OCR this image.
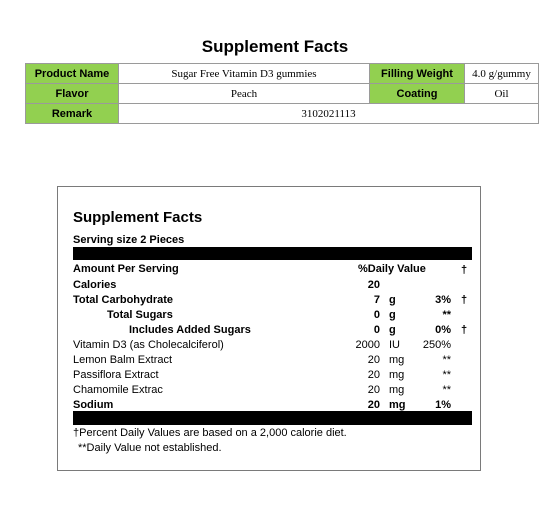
Supplement Facts
Product Name	Sugar Free Vitamin D3 gummies	Filling Weight	4.0 g/gummy
Flavor	Peach	Coating	Oil
Remark	3102021113		
Supplement Facts
Serving size 2 Pieces
Amount Per Serving	%Daily Value	†
Calories	20
Total Carbohydrate	7 g	3% †
Total Sugars	0 g	**
Includes Added Sugars	0 g	0% †
Vitamin D3 (as Cholecalciferol)	2000 IU	250%
Lemon Balm Extract	20 mg	**
Passiflora Extract	20 mg	**
Chamomile Extrac	20 mg	**
Sodium	20 mg	1%
†Percent Daily Values are based on a 2,000 calorie diet.
**Daily Value not established.
